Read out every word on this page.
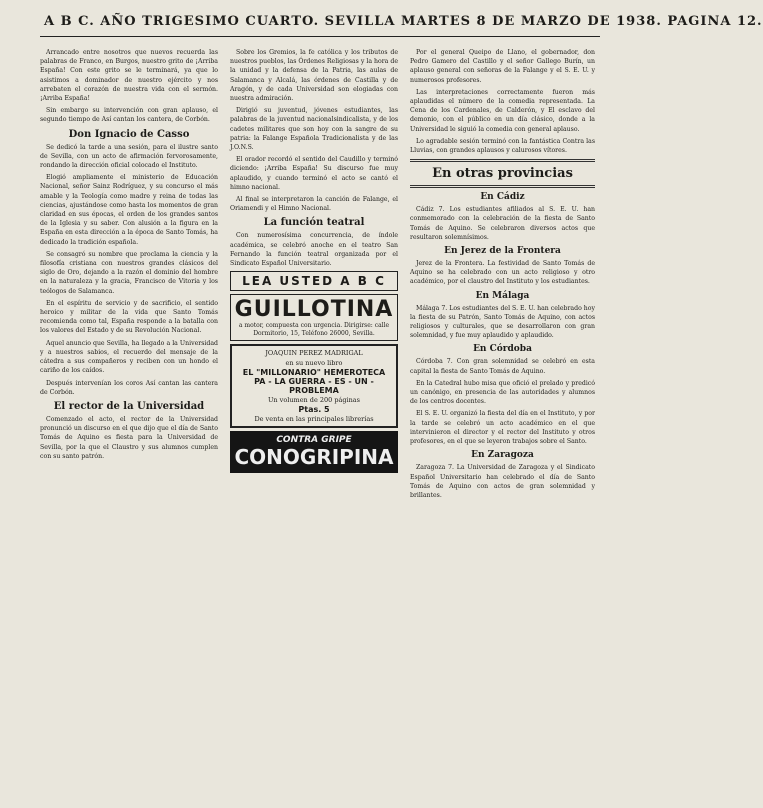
A B C. AÑO TRIGESIMO CUARTO. SEVILLA MARTES 8 DE MARZO DE 1938. PAGINA 12.

Arrancado entre nosotros que nuevos recuerda las palabras de Franco, en Burgos, nuestro grito de ¡Arriba España! Con este grito se le terminará, ya que lo asistimos a dominador de nuestro ejército y nos arrebaten el corazón de nuestra vida con el sermón. ¡Arriba España!

Sin embargo su intervención con gran aplauso, el segundo tiempo de Así cantan los cantera, de Corbón.

Don Ignacio de Casso

Se dedicó la tarde a una sesión, para el ilustre santo de Sevilla, con un acto de afirmación fervorosamente, rondando la dirección oficial colocado el Instituto.

Elogió ampliamente el ministerio de Educación Nacional, señor Sainz Rodríguez, y su concurso el más amable y la Teología como madre y reina de todas las ciencias, ajustándose como hasta los momentos de gran claridad en sus épocas, el orden de los grandes santos de la Iglesia y su saber. Con alusión a la figura en la España en esta dirección a la época de Santo Tomás, ha dedicado la tradición española.

Se consagró su nombre que proclama la ciencia y la filosofía cristiana con nuestros grandes clásicos del siglo de Oro, dejando a la razón el dominio del hombre en la naturaleza y la gracia, Francisco de Vitoria y los teólogos de Salamanca.

En el espíritu de servicio y de sacrificio, el sentido heroico y militar de la vida que Santo Tomás recomienda como tal, España responde a la batalla con los valores del Estado y de su Revolución Nacional.

Aquel anuncio que Sevilla, ha llegado a la Universidad y a nuestros sabios, el recuerdo del mensaje de la cátedra a sus compañeros y reciben con un hondo el cariño de los caídos.

Después intervenían los coros Así cantan las cantera de Corbón.

El rector de la Universidad

Comenzado el acto, el rector de la Universidad pronunció un discurso en el que dijo que el día de Santo Tomás de Aquino es fiesta para la Universidad de Sevilla, por la que el Claustro y sus alumnos cumplen con su santo patrón.

Sobre los Gremios, la fe católica y los tributos de nuestros pueblos, las Órdenes Religiosas y la hora de la unidad y la defensa de la Patria, las aulas de Salamanca y Alcalá, las órdenes de Castilla y de Aragón, y de cada Universidad son elogiadas con nuestra admiración.

Dirigió su juventud, jóvenes estudiantes, las palabras de la juventud nacionalsindicalista, y de los cadetes militares que son hoy con la sangre de su patria: la Falange Española Tradicionalista y de las J.O.N.S.

El orador recordó el sentido del Caudillo y terminó diciendo: ¡Arriba España! Su discurso fue muy aplaudido, y cuando terminó el acto se cantó el himno nacional.

Al final se interpretaron la canción de Falange, el Oriamendi y el Himno Nacional.

La función teatral

Con numerosísima concurrencia, de índole académica, se celebró anoche en el teatro San Fernando la función teatral organizada por el Sindicato Español Universitario.

LEA USTED A B C
GUILLOTINA
a motor, compuesta con urgencia. Dirigirse: calle Dormitorio, 15, Teléfono 26000, Sevilla.
JOAQUIN PEREZ MADRIGAL
en su nuevo libro
EL "MILLONARIO" HEMEROTECA
PA - LA GUERRA - ES - UN - PROBLEMA
Un volumen de 200 páginas
Ptas. 5
De venta en las principales librerías
CONTRA GRIPE
CONOGRIPINA

Por el general Queipo de Llano, el gobernador, don Pedro Gamero del Castillo y el señor Gallego Burín, un aplauso general con señoras de la Falange y el S. E. U. y numerosos profesores.

Las interpretaciones correctamente fueron más aplaudidas el número de la comedia representada. La Cena de los Cardenales, de Calderón, y El esclavo del demonio, con el público en un día clásico, donde a la Universidad le siguió la comedia con general aplauso.

Lo agradable sesión terminó con la fantástica Contra las Lluvias, con grandes aplausos y calurosos vítores.

En otras provincias
En Cádiz

Cádiz 7. Los estudiantes afiliados al S. E. U. han conmemorado con la celebración de la fiesta de Santo Tomás de Aquino. Se celebraron diversos actos que resultaron solemnísimos.

En Jerez de la Frontera

Jerez de la Frontera. La festividad de Santo Tomás de Aquino se ha celebrado con un acto religioso y otro académico, por el claustro del Instituto y los estudiantes.

En Málaga

Málaga 7. Los estudiantes del S. E. U. han celebrado hoy la fiesta de su Patrón, Santo Tomás de Aquino, con actos religiosos y culturales, que se desarrollaron con gran solemnidad, y fue muy aplaudido y aplaudido.

En Córdoba

Córdoba 7. Con gran solemnidad se celebró en esta capital la fiesta de Santo Tomás de Aquino.

En la Catedral hubo misa que ofició el prelado y predicó un canónigo, en presencia de las autoridades y alumnos de los centros docentes.

El S. E. U. organizó la fiesta del día en el Instituto, y por la tarde se celebró un acto académico en el que intervinieron el director y el rector del Instituto y otros profesores, en el que se leyeron trabajos sobre el Santo.

En Zaragoza

Zaragoza 7. La Universidad de Zaragoza y el Sindicato Español Universitario han celebrado el día de Santo Tomás de Aquino con actos de gran solemnidad y brillantes.
